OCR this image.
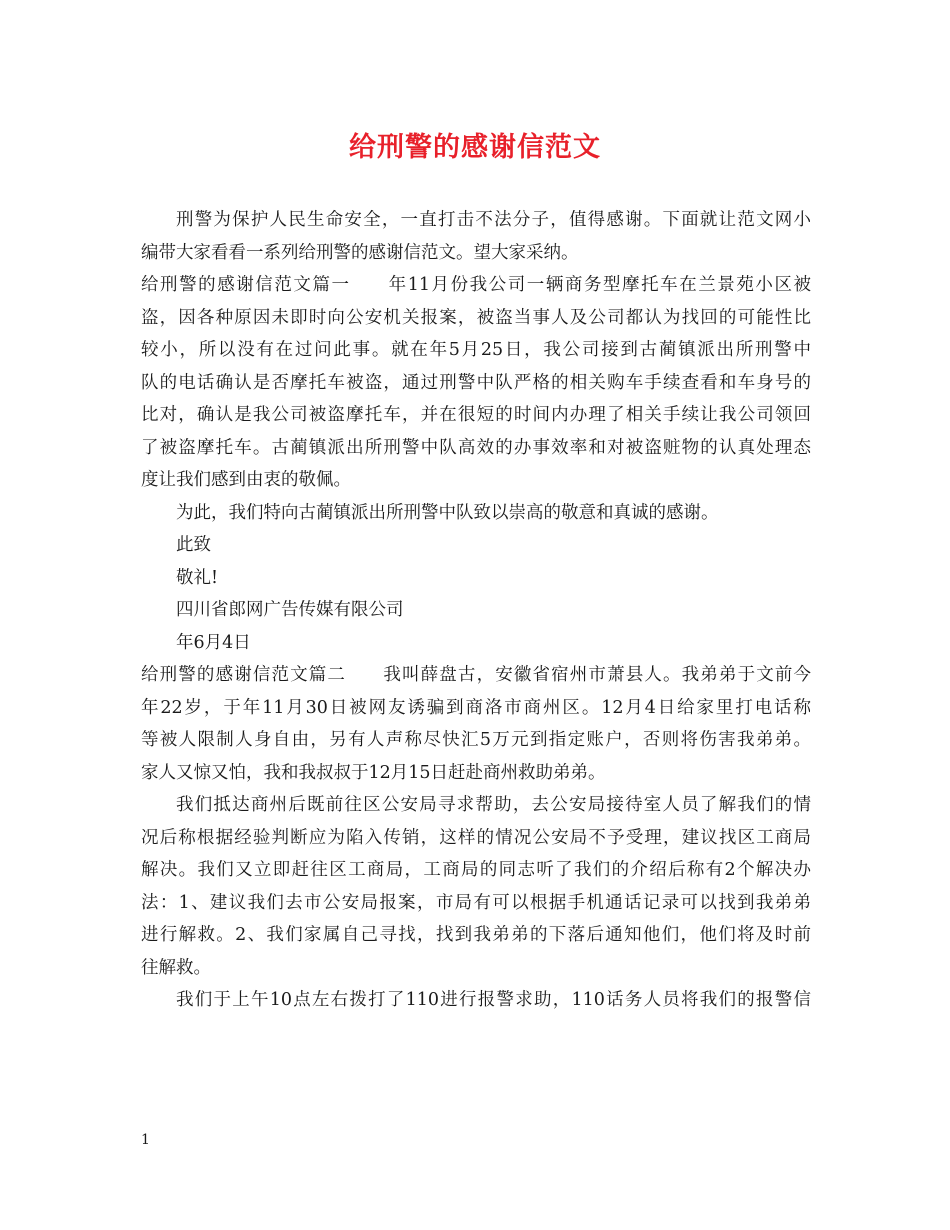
给刑警的感谢信范文
刑警为保护人民生命安全，一直打击不法分子，值得感谢。下面就让范文网小
编带大家看看一系列给刑警的感谢信范文。望大家采纳。
给刑警的感谢信范文篇一　　年11月份我公司一辆商务型摩托车在兰景苑小区被
盗，因各种原因未即时向公安机关报案，被盗当事人及公司都认为找回的可能性比
较小，所以没有在过问此事。就在年5月25日，我公司接到古蔺镇派出所刑警中
队的电话确认是否摩托车被盗，通过刑警中队严格的相关购车手续查看和车身号的
比对，确认是我公司被盗摩托车，并在很短的时间内办理了相关手续让我公司领回
了被盗摩托车。古蔺镇派出所刑警中队高效的办事效率和对被盗赃物的认真处理态
度让我们感到由衷的敬佩。
为此，我们特向古蔺镇派出所刑警中队致以崇高的敬意和真诚的感谢。
此致
敬礼!
四川省郎网广告传媒有限公司
年6月4日
给刑警的感谢信范文篇二　　我叫薛盘古，安徽省宿州市萧县人。我弟弟于文前今
年22岁，于年11月30日被网友诱骗到商洛市商州区。12月4日给家里打电话称
等被人限制人身自由，另有人声称尽快汇5万元到指定账户，否则将伤害我弟弟。
家人又惊又怕，我和我叔叔于12月15日赶赴商州救助弟弟。
我们抵达商州后既前往区公安局寻求帮助，去公安局接待室人员了解我们的情
况后称根据经验判断应为陷入传销，这样的情况公安局不予受理，建议找区工商局
解决。我们又立即赶往区工商局，工商局的同志听了我们的介绍后称有2个解决办
法：1、建议我们去市公安局报案，市局有可以根据手机通话记录可以找到我弟弟
进行解救。2、我们家属自己寻找，找到我弟弟的下落后通知他们，他们将及时前
往解救。
我们于上午10点左右拨打了110进行报警求助，110话务人员将我们的报警信
1
